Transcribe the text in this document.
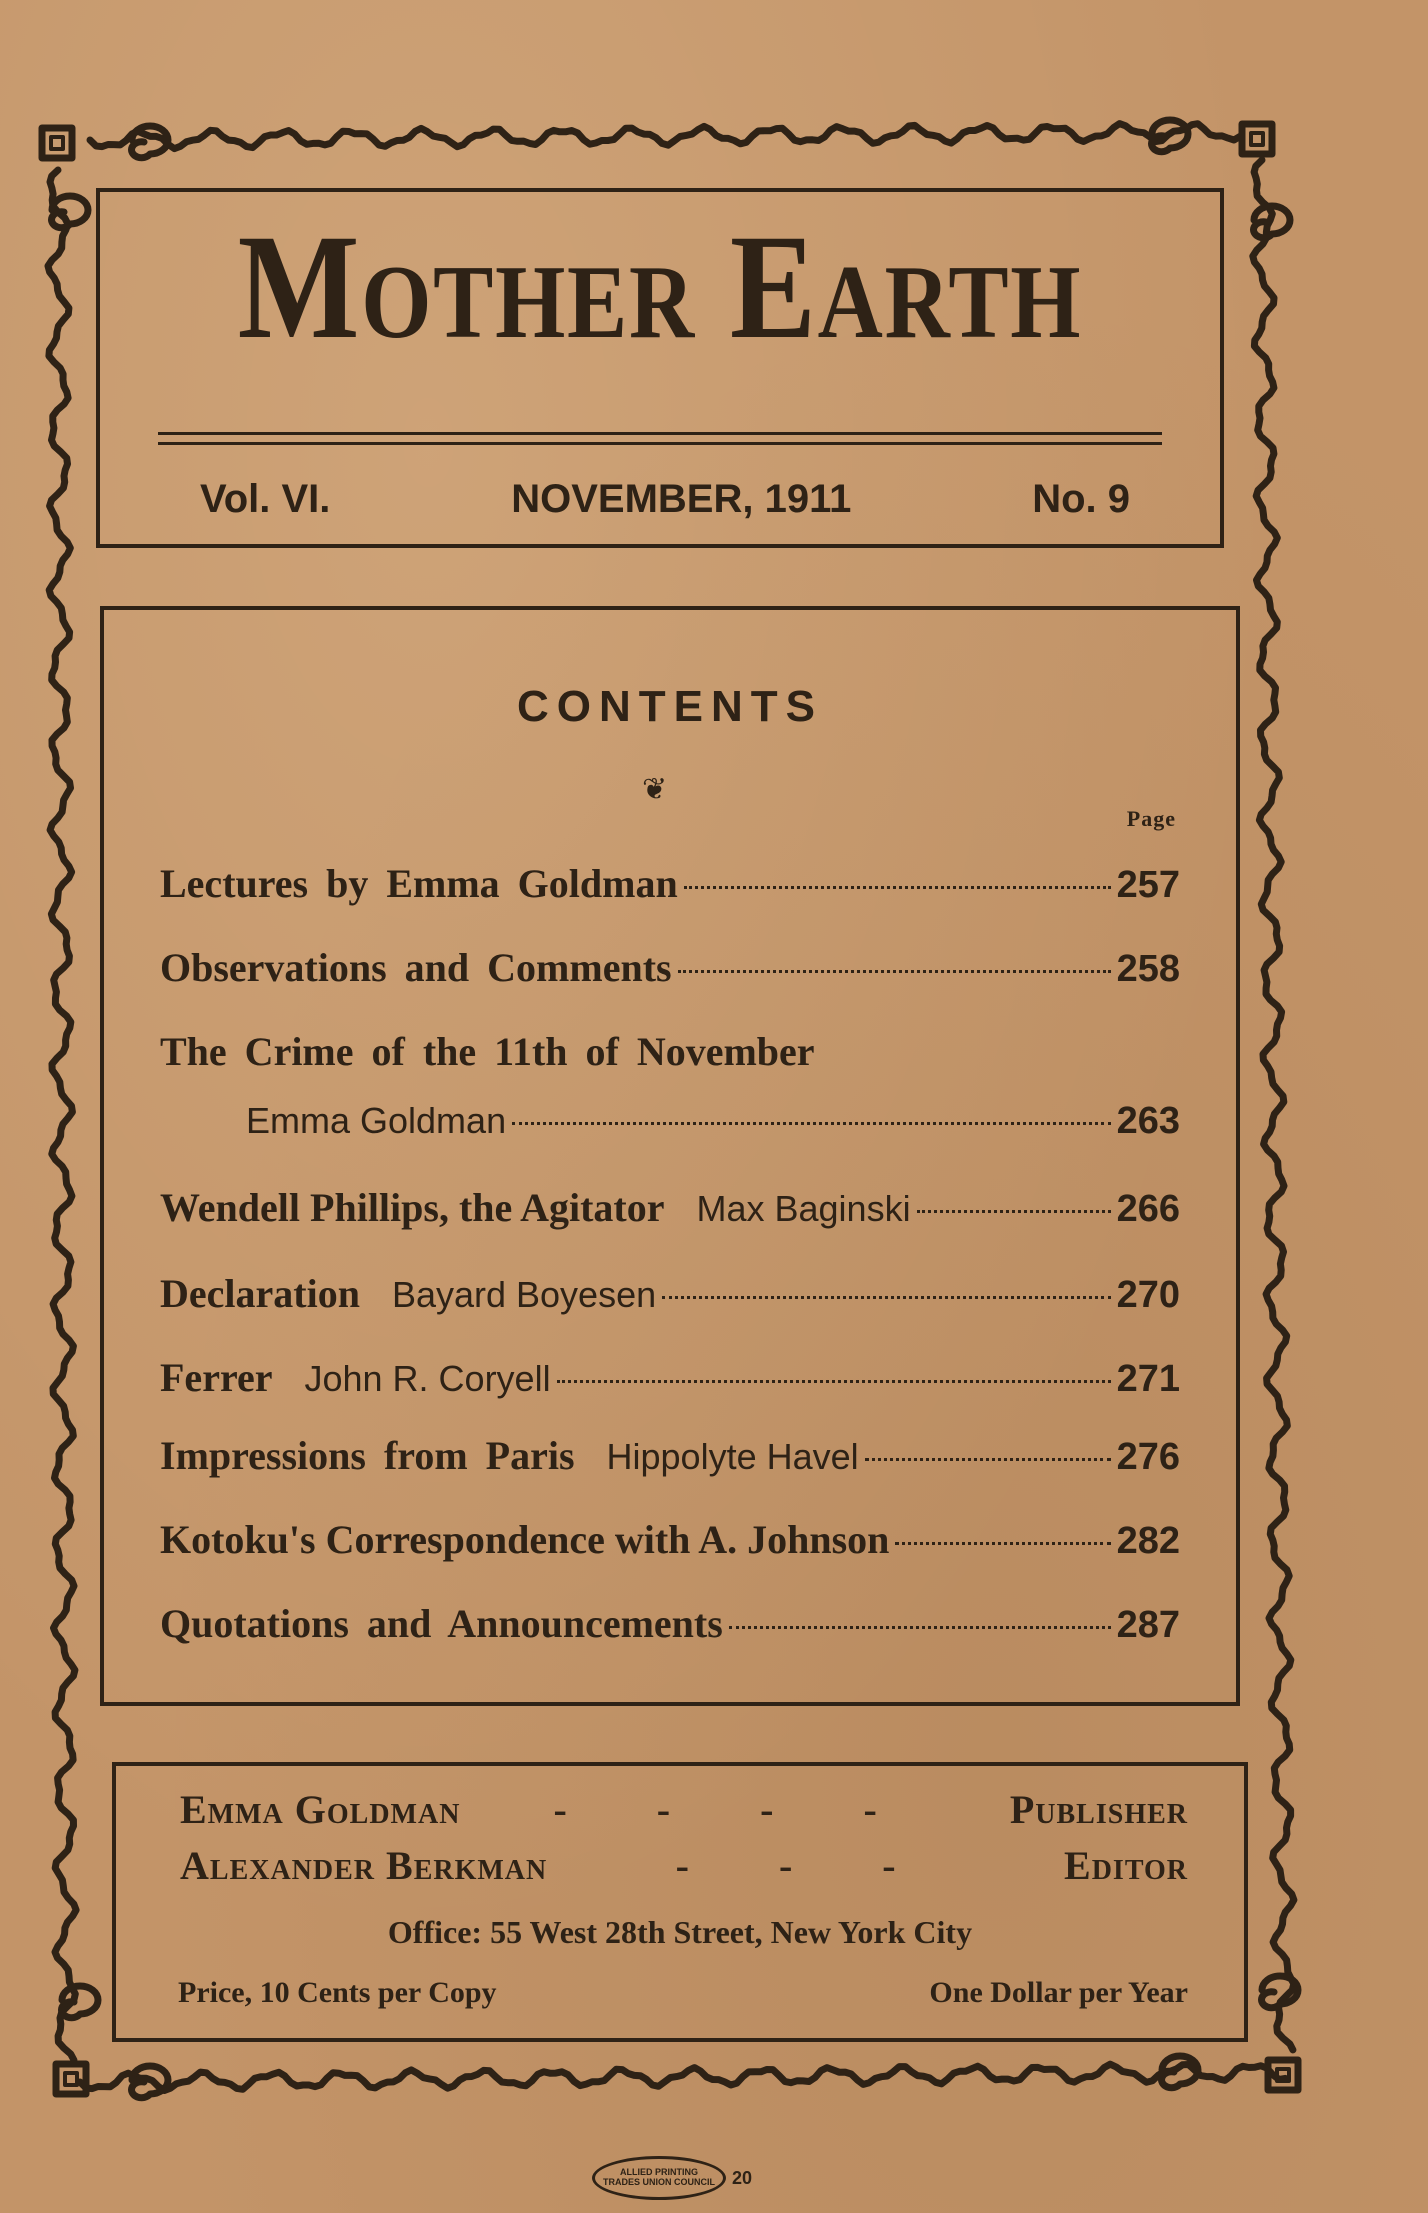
Mother Earth
Vol. VI.	NOVEMBER, 1911	No. 9
CONTENTS
❦
Page
Lectures by Emma Goldman	257
Observations and Comments	258
The Crime of the 11th of November
Emma Goldman	263
Wendell Phillips, the Agitator Max Baginski	266
Declaration Bayard Boyesen	270
Ferrer John R. Coryell	271
Impressions from Paris Hippolyte Havel	276
Kotoku's Correspondence with A. Johnson	282
Quotations and Announcements	287
Emma Goldman	- - - -	Publisher
Alexander Berkman	- - -	Editor
Office: 55 West 28th Street, New York City
Price, 10 Cents per Copy	One Dollar per Year
ALLIED PRINTING TRADES UNION COUNCIL 20
